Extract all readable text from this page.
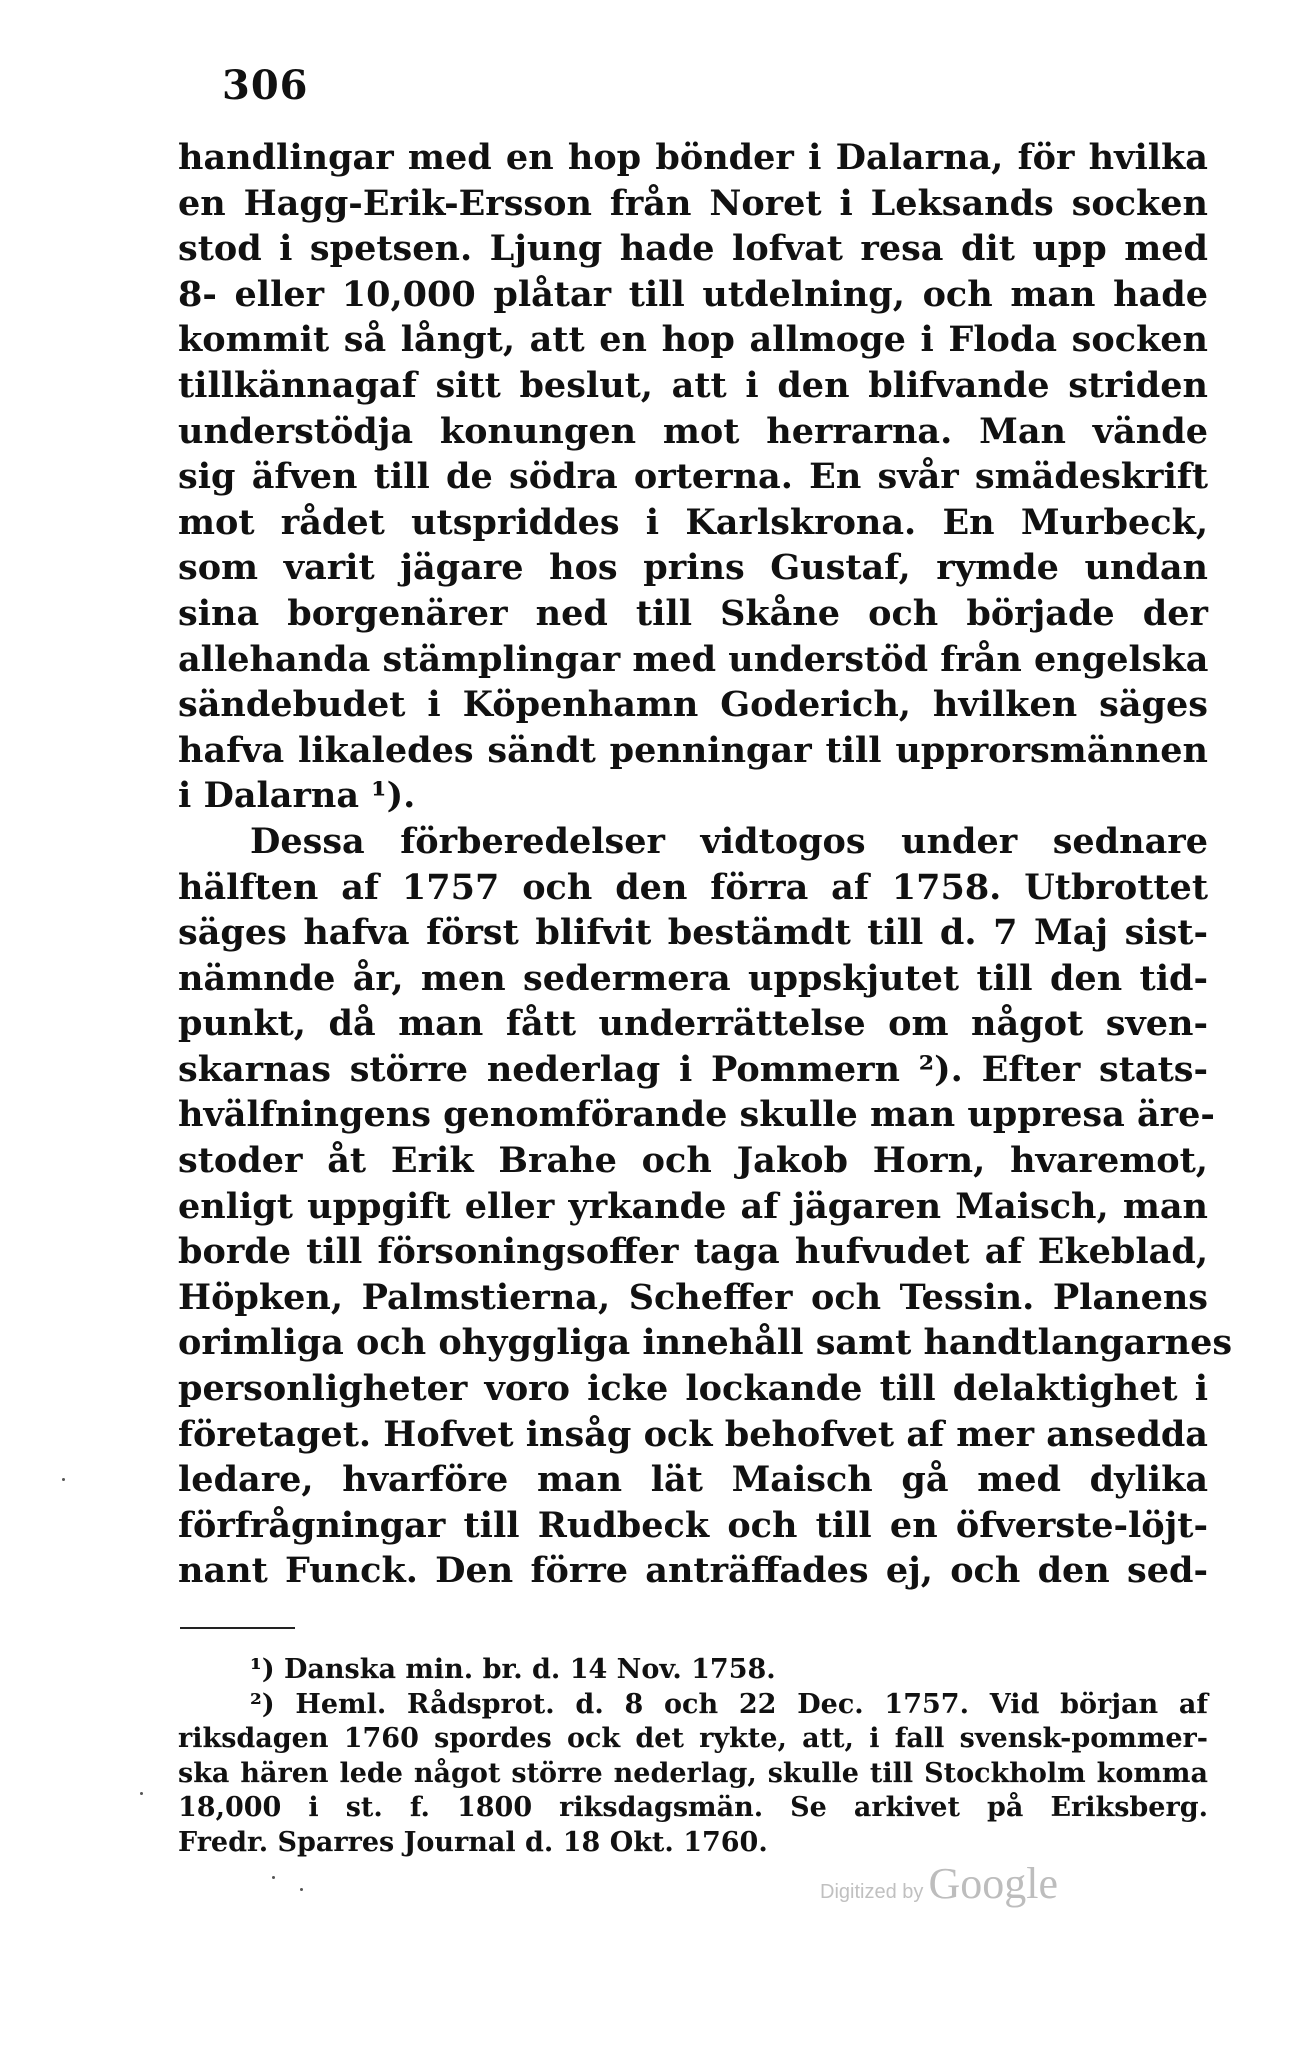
306
handlingar med en hop bönder i Dalarna, för hvilka
en Hagg-Erik-Ersson från Noret i Leksands socken
stod i spetsen. Ljung hade lofvat resa dit upp med
8- eller 10,000 plåtar till utdelning, och man hade
kommit så långt, att en hop allmoge i Floda socken
tillkännagaf sitt beslut, att i den blifvande striden
understödja konungen mot herrarna. Man vände
sig äfven till de södra orterna. En svår smädeskrift
mot rådet utspriddes i Karlskrona. En Murbeck,
som varit jägare hos prins Gustaf, rymde undan
sina borgenärer ned till Skåne och började der
allehanda stämplingar med understöd från engelska
sändebudet i Köpenhamn Goderich, hvilken säges
hafva likaledes sändt penningar till upprorsmännen
i Dalarna ¹).
Dessa förberedelser vidtogos under sednare
hälften af 1757 och den förra af 1758. Utbrottet
säges hafva först blifvit bestämdt till d. 7 Maj sist-
nämnde år, men sedermera uppskjutet till den tid-
punkt, då man fått underrättelse om något sven-
skarnas större nederlag i Pommern ²). Efter stats-
hvälfningens genomförande skulle man uppresa äre-
stoder åt Erik Brahe och Jakob Horn, hvaremot,
enligt uppgift eller yrkande af jägaren Maisch, man
borde till försoningsoffer taga hufvudet af Ekeblad,
Höpken, Palmstierna, Scheffer och Tessin. Planens
orimliga och ohyggliga innehåll samt handtlangarnes
personligheter voro icke lockande till delaktighet i
företaget. Hofvet insåg ock behofvet af mer ansedda
ledare, hvarföre man lät Maisch gå med dylika
förfrågningar till Rudbeck och till en öfverste-löjt-
nant Funck. Den förre anträffades ej, och den sed-
¹) Danska min. br. d. 14 Nov. 1758.
²) Heml. Rådsprot. d. 8 och 22 Dec. 1757. Vid början af
riksdagen 1760 spordes ock det rykte, att, i fall svensk-pommer-
ska hären lede något större nederlag, skulle till Stockholm komma
18,000 i st. f. 1800 riksdagsmän. Se arkivet på Eriksberg.
Fredr. Sparres Journal d. 18 Okt. 1760.
Digitized by Google
